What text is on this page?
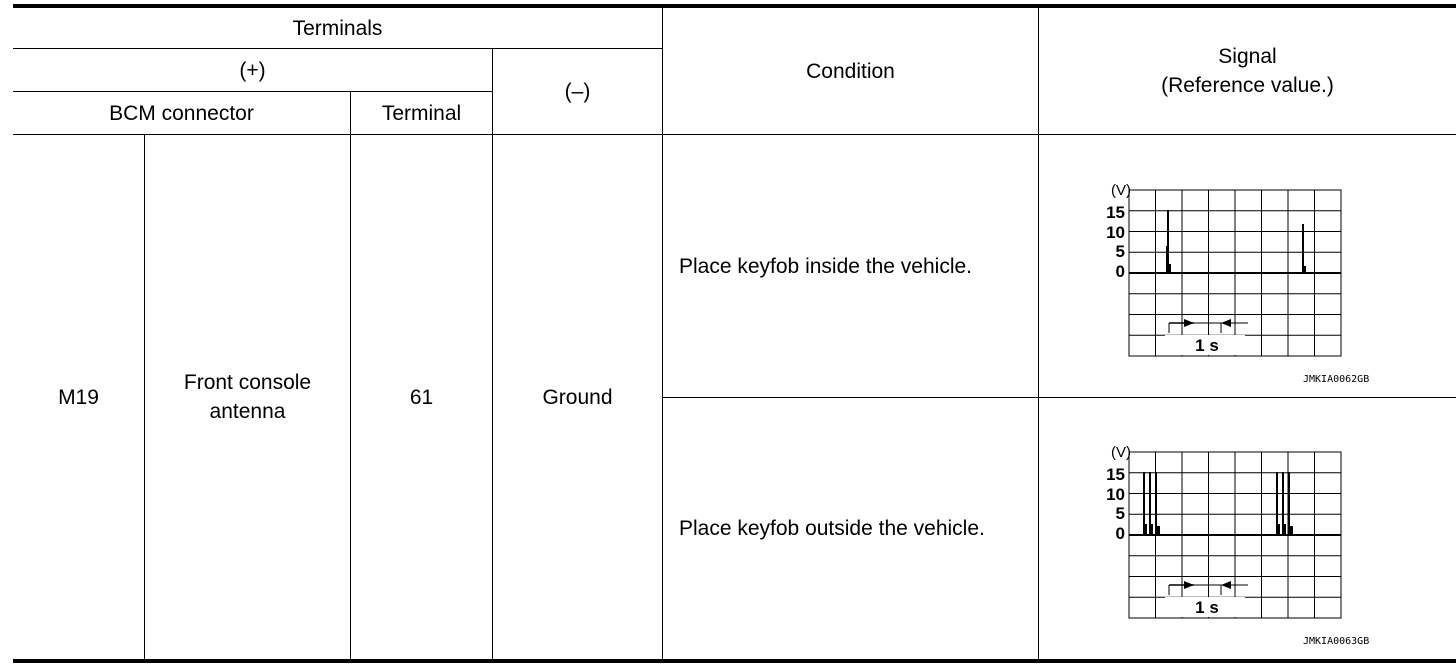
Terminals
(+)
BCM connector	Terminal
(–)
Condition
Signal
(Reference value.)
M19
Front console
antenna
61	Ground
Place keyfob inside the vehicle.
Place keyfob outside the vehicle.
(V)
15
10
5
0
1 s
JMKIA0062GB
(V)
15
10
5
0
1 s
JMKIA0063GB
